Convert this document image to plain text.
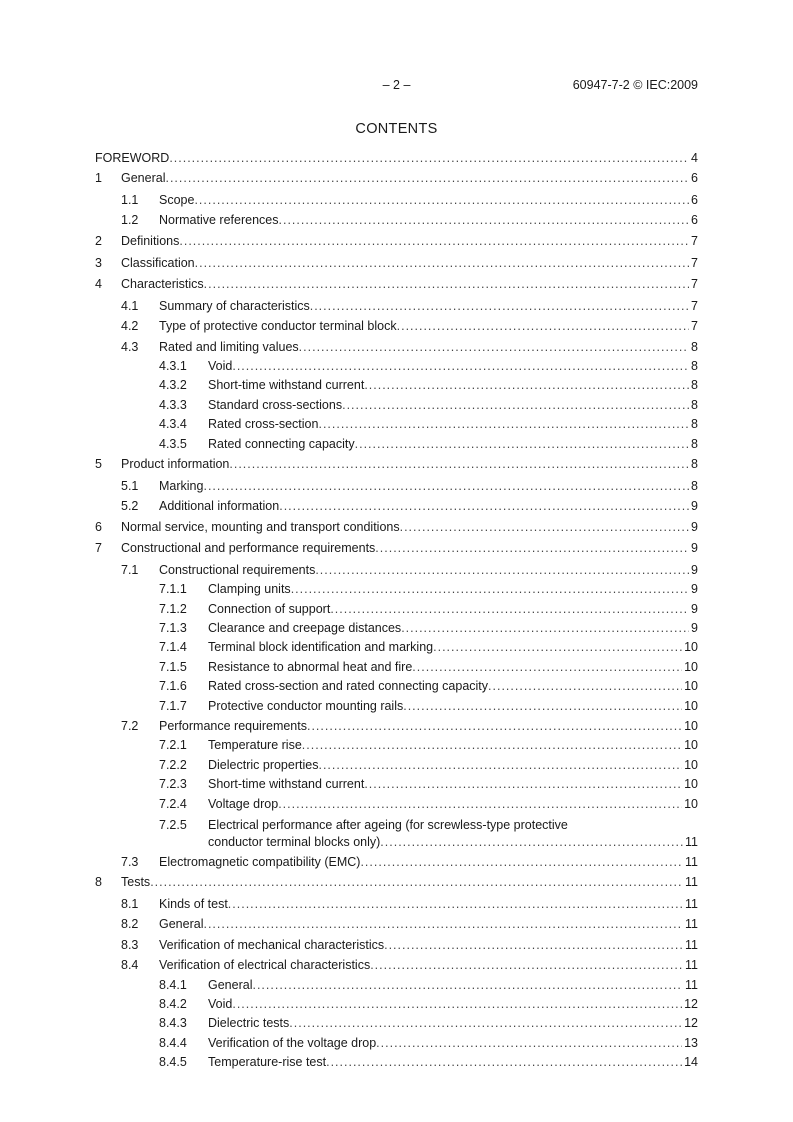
– 2 –	60947-7-2 © IEC:2009
CONTENTS
FOREWORD .....	4
1 General .....	6
1.1 Scope .....	6
1.2 Normative references .....	6
2 Definitions .....	7
3 Classification .....	7
4 Characteristics .....	7
4.1 Summary of characteristics .....	7
4.2 Type of protective conductor terminal block .....	7
4.3 Rated and limiting values .....	8
4.3.1 Void .....	8
4.3.2 Short-time withstand current .....	8
4.3.3 Standard cross-sections .....	8
4.3.4 Rated cross-section .....	8
4.3.5 Rated connecting capacity .....	8
5 Product information .....	8
5.1 Marking .....	8
5.2 Additional information .....	9
6 Normal service, mounting and transport conditions .....	9
7 Constructional and performance requirements .....	9
7.1 Constructional requirements .....	9
7.1.1 Clamping units .....	9
7.1.2 Connection of support .....	9
7.1.3 Clearance and creepage distances .....	9
7.1.4 Terminal block identification and marking .....	10
7.1.5 Resistance to abnormal heat and fire .....	10
7.1.6 Rated cross-section and rated connecting capacity .....	10
7.1.7 Protective conductor mounting rails .....	10
7.2 Performance requirements .....	10
7.2.1 Temperature rise .....	10
7.2.2 Dielectric properties .....	10
7.2.3 Short-time withstand current .....	10
7.2.4 Voltage drop .....	10
7.2.5 Electrical performance after ageing (for screwless-type protective
conductor terminal blocks only) .....	11
7.3 Electromagnetic compatibility (EMC) .....	11
8 Tests .....	11
8.1 Kinds of test .....	11
8.2 General .....	11
8.3 Verification of mechanical characteristics .....	11
8.4 Verification of electrical characteristics .....	11
8.4.1 General .....	11
8.4.2 Void .....	12
8.4.3 Dielectric tests .....	12
8.4.4 Verification of the voltage drop .....	13
8.4.5 Temperature-rise test .....	14
